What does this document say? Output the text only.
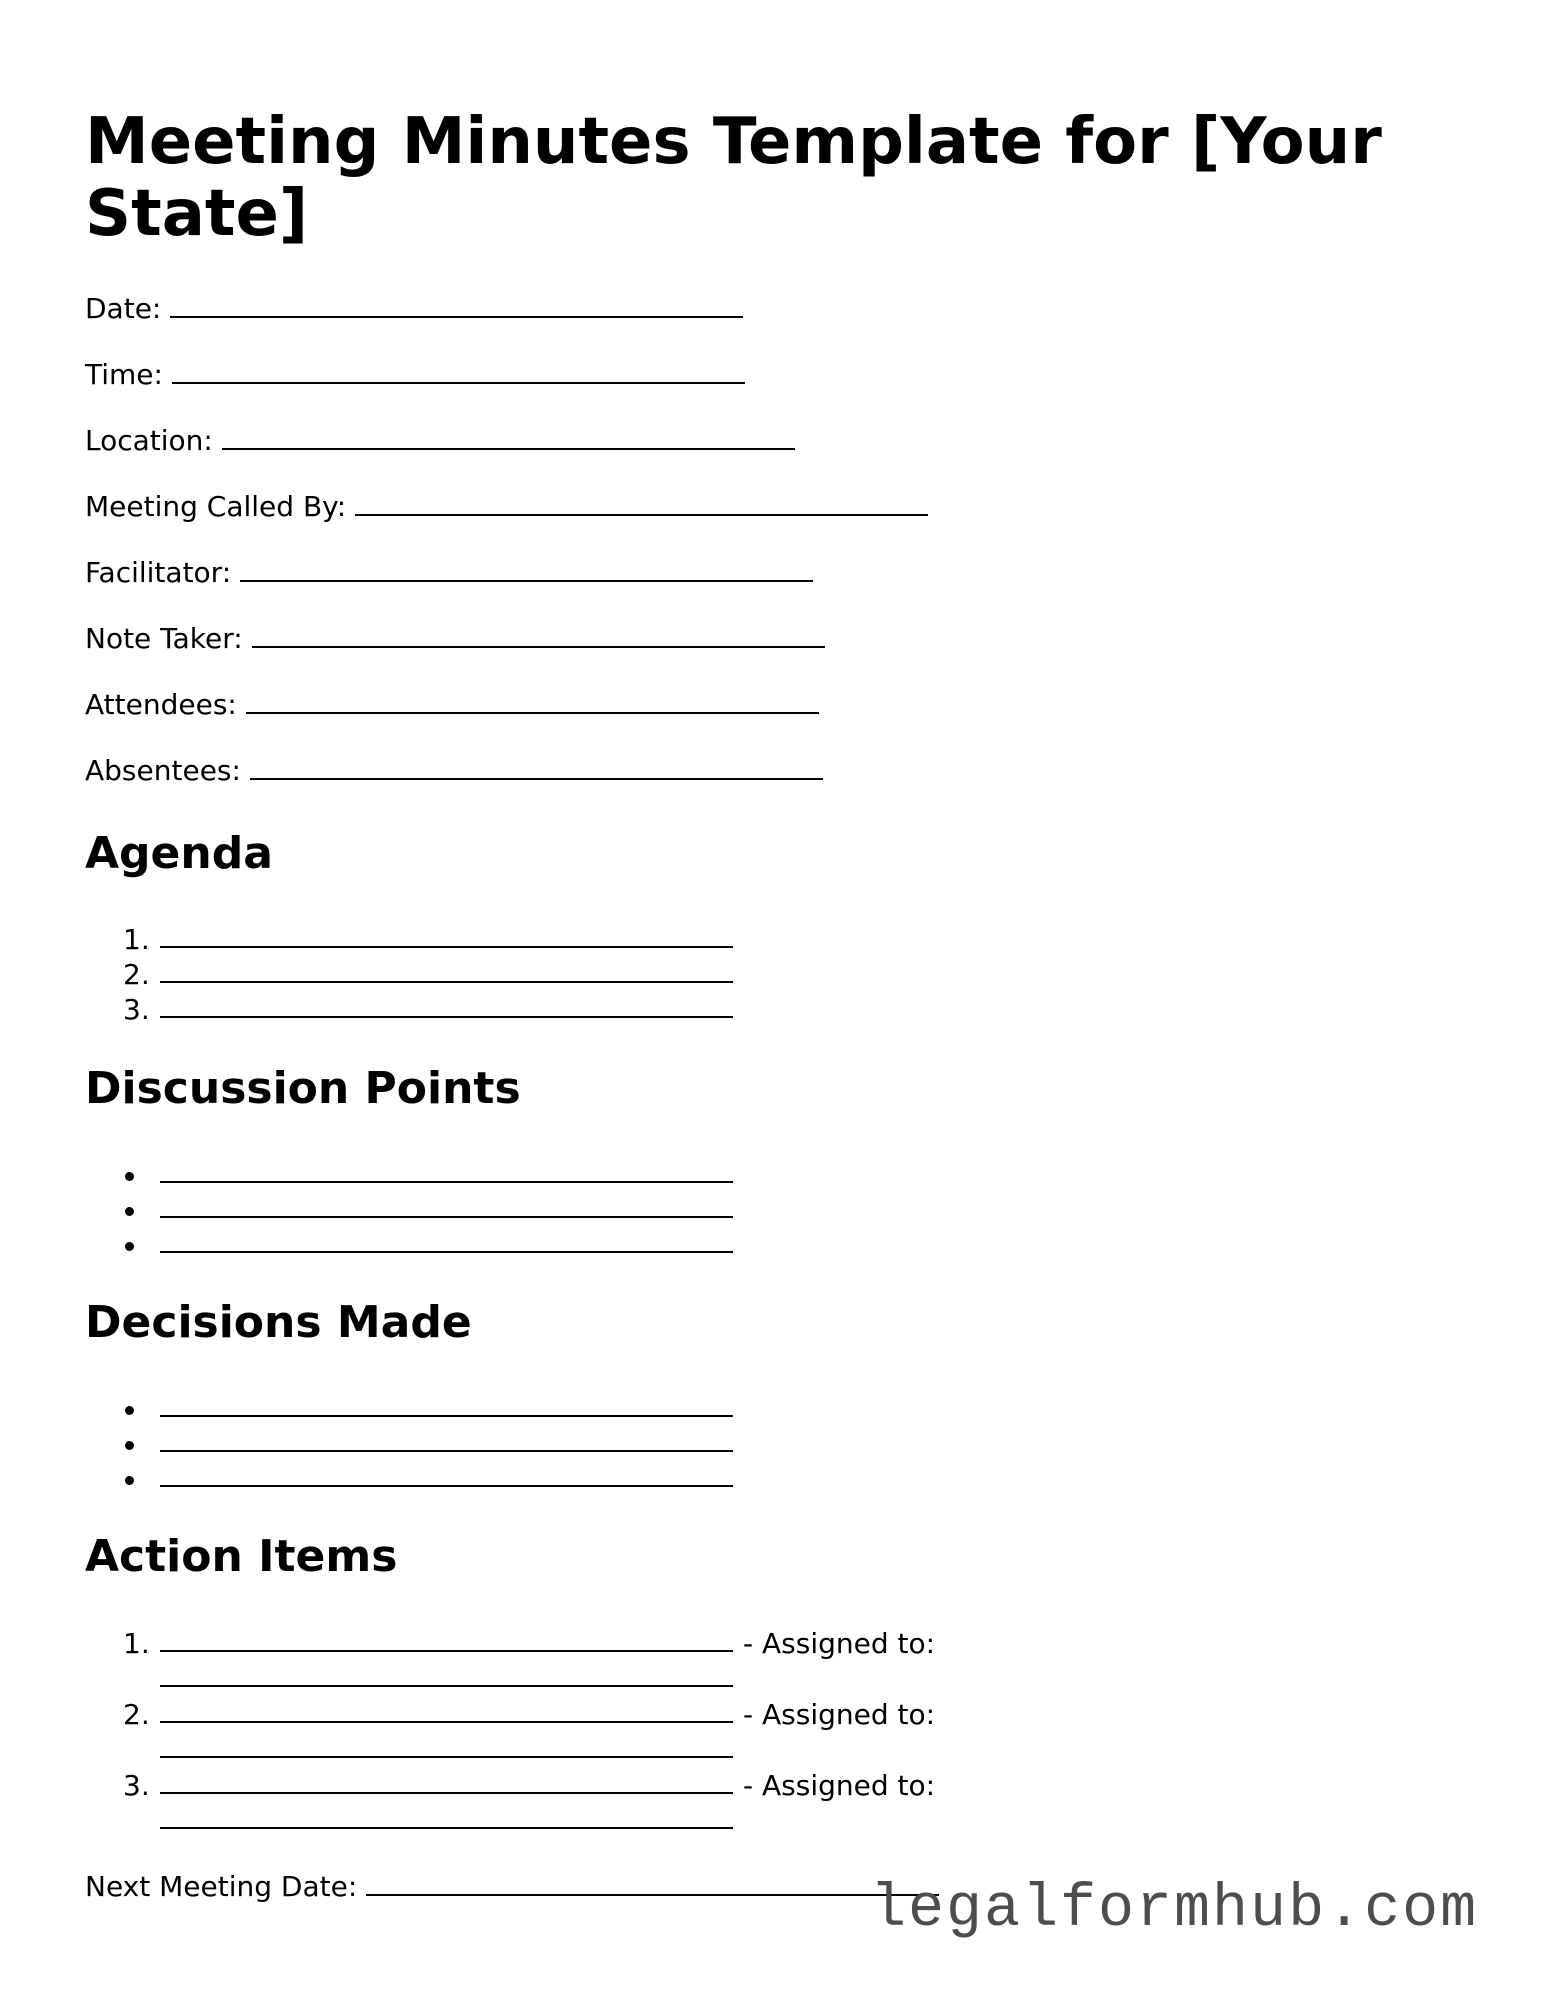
Meeting Minutes Template for [Your State]
Date:
Time:
Location:
Meeting Called By:
Facilitator:
Note Taker:
Attendees:
Absentees:
Agenda
1.
2.
3.
Discussion Points
Decisions Made
Action Items
1.	- Assigned to:
2.	- Assigned to:
3.	- Assigned to:
Next Meeting Date:	legalformhub.com
